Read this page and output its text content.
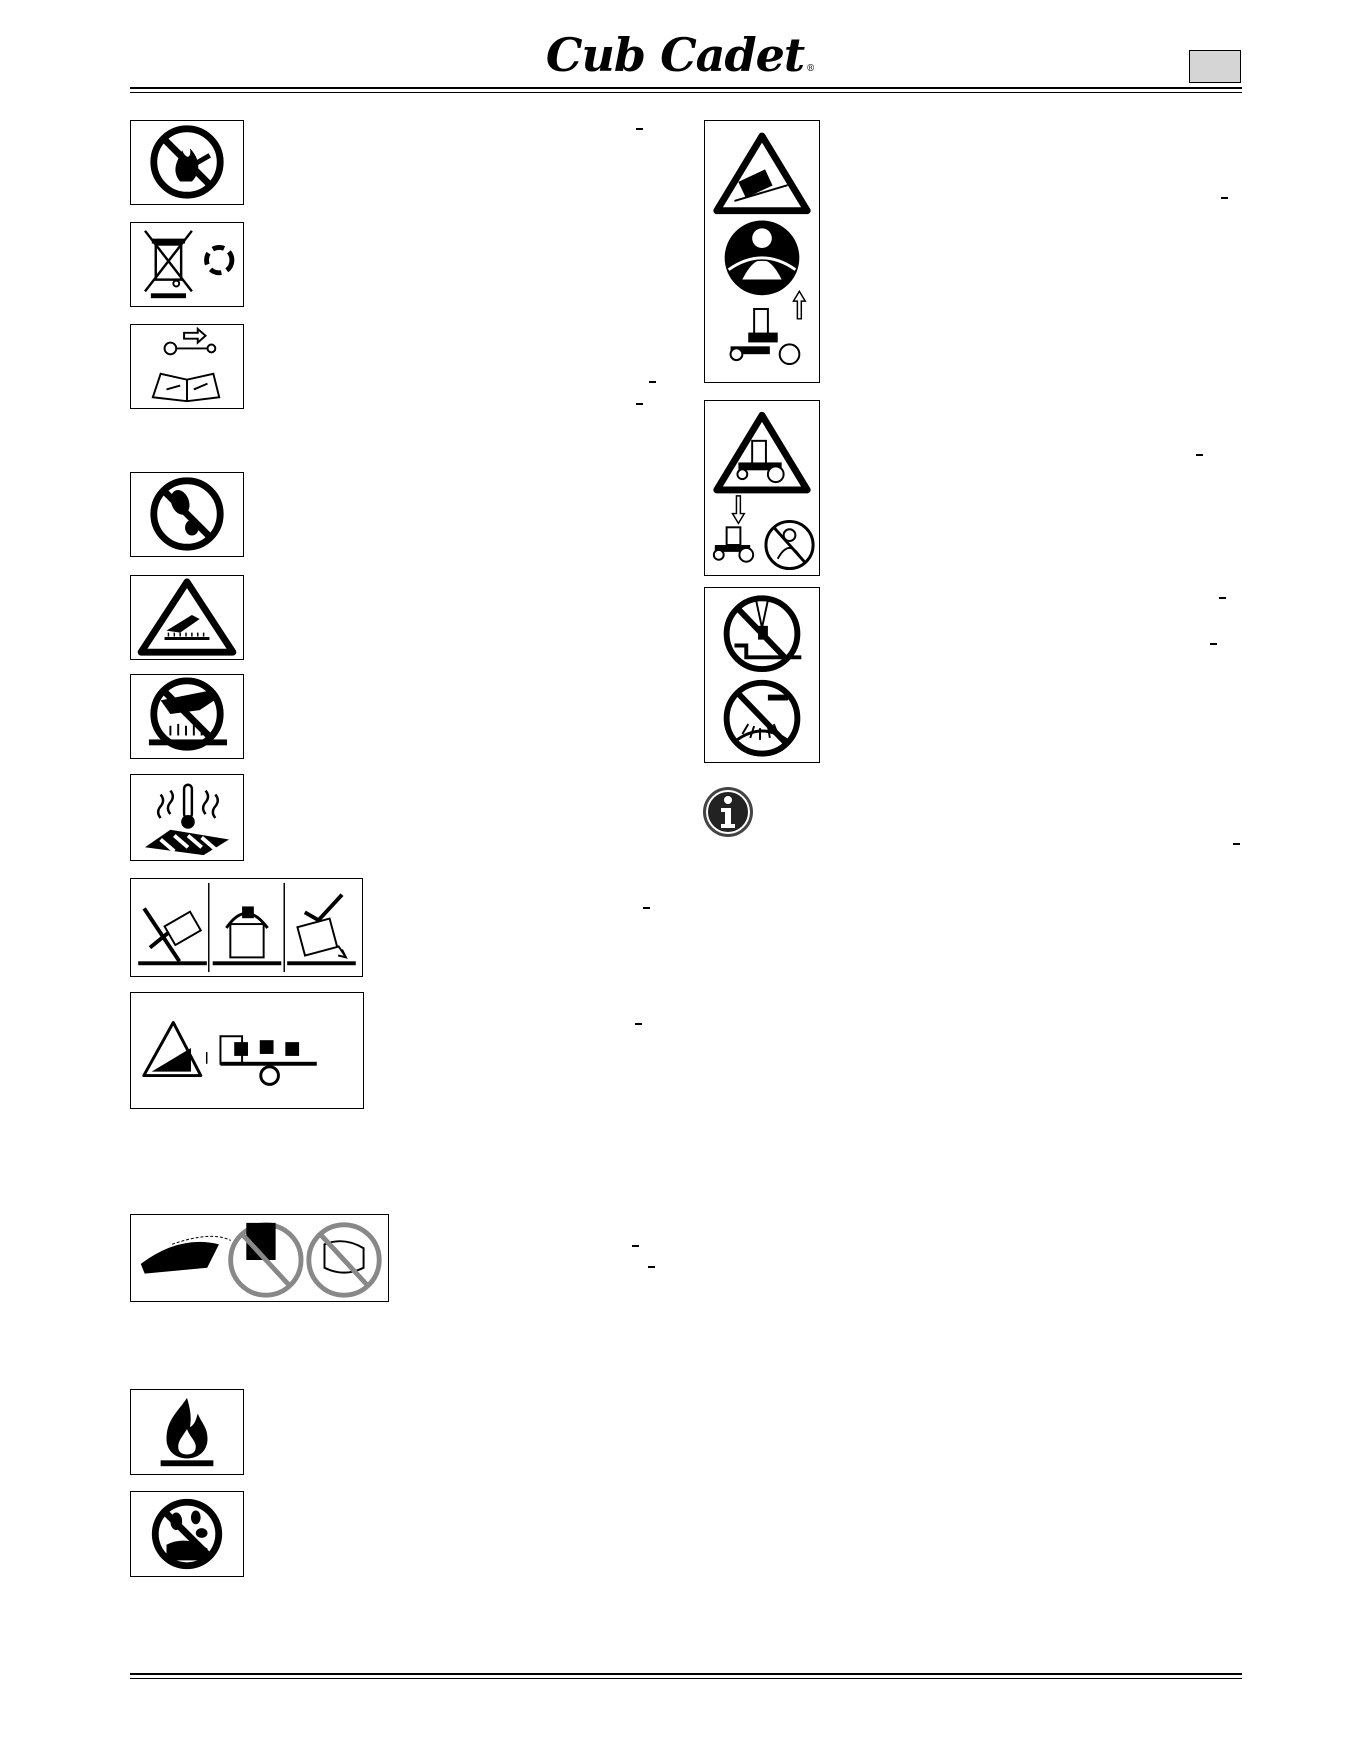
Cub Cadet ®
